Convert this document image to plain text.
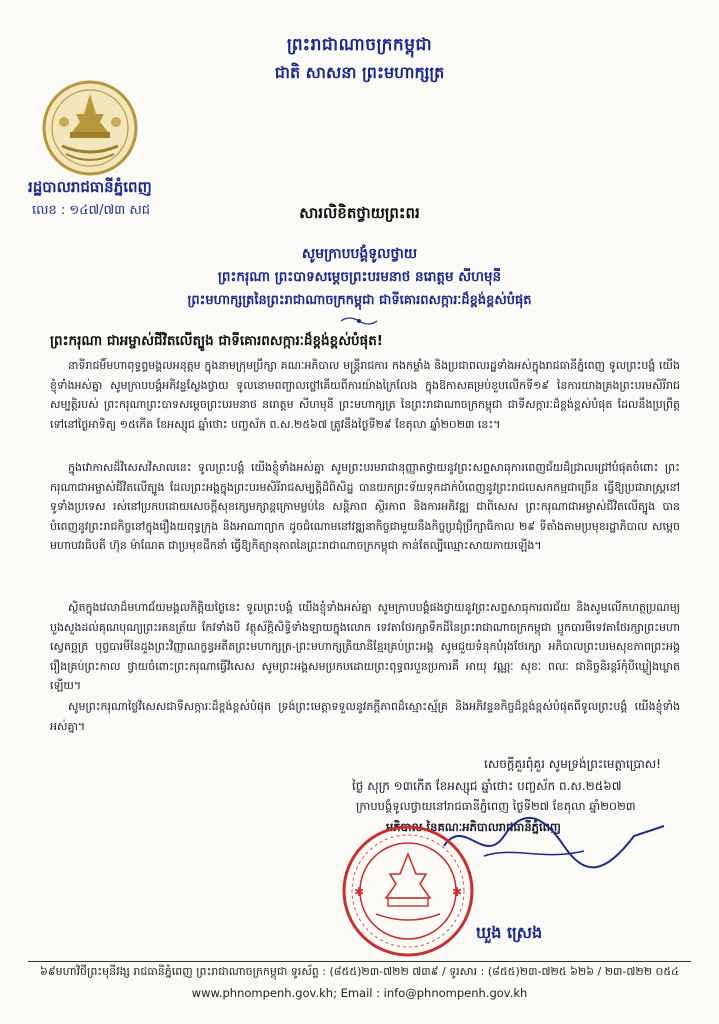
ព្រះរាជាណាចក្រកម្ពុជា
ជាតិ សាសនា ព្រះមហាក្សត្រ
រដ្ឋបាលរាជធានីភ្នំពេញ
លេខ : ១៤៧/៧៣ សជ	សារលិខិតថ្វាយព្រះពរ
សូមក្រាបបង្គំទូលថ្វាយ
ព្រះករុណា ព្រះបាទសម្តេចព្រះបរមនាថ នរោត្តម សីហមុនី
ព្រះមហាក្សត្រនៃព្រះរាជាណាចក្រកម្ពុជា ជាទីគោរពសក្ការៈដ៏ខ្ពង់ខ្ពស់បំផុត
ព្រះករុណា ជាអម្ចាស់ជីវិតលើត្បូង ជាទីគោរពសក្ការៈដ៏ខ្ពង់ខ្ពស់បំផុត!

នាទីរាជមិ៍មហាពុទ្ធព្ធមង្គលអនុត្តម ក្នុងនាមក្រុមប្រឹក្សា គណៈអភិបាល មន្ត្រីរាជការ កងកម្លាំង និងប្រជាពលរដ្ឋទាំងអស់ក្នុងរាជធានីភ្នំពេញ ទូលព្រះបង្គំ យើងខ្ញុំទាំងអស់គ្នា សូមក្រាបបង្គំអភិវន្ទស្ងែងថ្វាយ ទូលនោមពញ្ចាលថ្លៅគើយពីការយ៉ាងក្រៃលែង ក្នុងឱកាសគម្រប់ខួបលើកទី១៩ នៃការយាងគ្រងព្រះបរមសិរីរាជសម្បត្តិរបស់ ព្រះករុណាព្រះបាទសម្តេចព្រះបរមនាថ នរោត្តម សីហមុនី ព្រះមហាក្សត្រ នៃព្រះរាជាណាចក្រកម្ពុជា ជាទីសក្ការៈដ៏ខ្ពង់ខ្ពស់បំផុត ដែលនឹងប្រព្រឹត្តទៅនៅថ្ងៃអាទិត្យ ១៥កើត ខែអស្សុជ ឆ្នាំថោះ បញ្ចស័ក ព.ស.២៥៦៧ ត្រូវនឹងថ្ងៃទី២៩ ខែតុលា ឆ្នាំ២០២៣ នេះ។

ក្នុងវោកាសដ៏វិសេសវិសាលនេះ ទូលព្រះបង្គំ យើងខ្ញុំទាំងអស់គ្នា សូមព្រះបរមរាជានុញ្ញាតថ្វាយនូវព្រះសព្ទសាធុការពេញជ័យដ៏ជ្រាលជ្រៅបំផុតចំពោះ ព្រះករុណាជាអម្ចាស់ជីវិតលើត្បូង ដែលព្រះអង្គក្នុងព្រះបរមសិរីរាជសម្បត្តិដ៏ពិសិដ្ឋ បានយកព្រះទ័យទុកដាក់បំពេញនូវព្រះរាជបេសកកម្មជាច្រើន ធ្វើឱ្យប្រជារាស្ត្រនៅទូទាំងប្រទេស រស់នៅប្រកបដោយសេចក្តីសុខក្សេមក្សាន្តក្រោមម្លប់នៃ សន្តិភាព ស្ថិរភាព និងការអភិវឌ្ឍ ជាពិសេស ព្រះករុណាជាអម្ចាស់ជីវិតលើត្បូង បានបំពេញនូវព្រះរាជកិច្ចនៅក្នុងរឿងយពុទ្ធក្រុង និងអាណាព្យាក ដូចជំណោមនៅវឌ្ឍនាកិច្ចជាមួយនឹងកិច្ចប្រជុំប្រឹក្សាធិកាល ២៩ ទីតាំងតាមប្រមុខរដ្ឋាភិបាល សម្តេចមហាបវរធិបតី ហ៊ុន ម៉ាណែត ជាប្រមុខដឹកនាំ ធ្វើឱ្យកិត្យានុភាពនៃព្រះរាជាណាចក្រកម្ពុជា កាន់តែល្បីឈ្មោះសាយភាយឡើង។

ស្ថិតក្នុងវេលាដ៏មហាជ័យមង្គលកិត្តិយថ្ងៃនេះ ទូលព្រះបង្គំ យើងខ្ញុំទាំងអស់គ្នា សូមក្រាបបង្គំផងថ្វាយនូវព្រះសព្ទសាធុការពរជ័យ និងសូមលើកហត្ថប្រណម្យបួងសួងដល់គុណបុណ្យព្រះរតនត្រ័យ កែវទាំងបី វត្ថុស័ក្តិសិទ្ធិទាំងឡាយក្នុងលោក ទេវតាថែរក្សាទឹកដីនៃព្រះរាជាណាចក្រកម្ពុជា ប្អូកបារមីទេវតាថែរក្សាព្រះមហាស្វេតច្ឆត្រ បុព្វបារមីនៃដួងព្រះវិញ្ញាណក្ខន្ធអតីតព្រះមហាក្សត្រ-ព្រះមហាក្សត្រិយានីខ្មែរគ្រប់ព្រះអង្គ សូមជួយទំនុកបំរុងថែរក្សា អភិបាលព្រះបរមសុខភាពព្រះអង្គរឿងគ្រប់ព្រះកាល ថ្វាយចំពោះព្រះករុណាធ្វើវិសេស សូមព្រះអង្គសមប្រកបដោយព្រះពុទ្ធពរបួនប្រការគឺ អាយុ វណ្ណៈ សុខៈ ពលៈ ជានិច្ចនិរន្តរ៍កុំបីឃ្លៀងឃ្លាតឡើយ។

សូមព្រះករុណាថ្លៃវិសេសជាទីសក្ការៈដ៏ខ្ពង់ខ្ពស់បំផុត ទ្រង់ព្រះមេត្តាទទួលនូវភក្តីភាពដ៏ស្មោះស្ម័គ្រ និងអភិវន្ទនកិច្ចដ៏ខ្ពង់ខ្ពស់បំផុតពីទូលព្រះបង្គំ យើងខ្ញុំទាំងអស់គ្នា។

សេចក្តីគួរពុំគួរ សូមទ្រង់ព្រះមេត្តាប្រោស!
ថ្ងៃ សុក្រ ១៣កើត ខែអស្សុជ ឆ្នាំថោះ បញ្ចស័ក ព.ស.២៥៦៧
ក្រាបបង្គំទូលថ្វាយនៅរាជធានីភ្នំពេញ ថ្ងៃទី២៧ ខែតុលា ឆ្នាំ២០២៣
អភិបាល នៃគណៈអភិបាលរាជធានីភ្នំពេញ
✱	✱
ឃួង ស្រេង
៦៩មហាវិថីព្រះមុនីវង្ស រាជធានីភ្នំពេញ ព្រះរាជាណាចក្រកម្ពុជា ទូរស័ព្ទ : (៨៥៥)២៣-៧២២ ៧៣៩ / ទូរសារ : (៨៥៥)២៣-៧២៥ ៦២៦ / ២៣-៧២២ ០៥៤
www.phnompenh.gov.kh; Email : info@phnompenh.gov.kh
